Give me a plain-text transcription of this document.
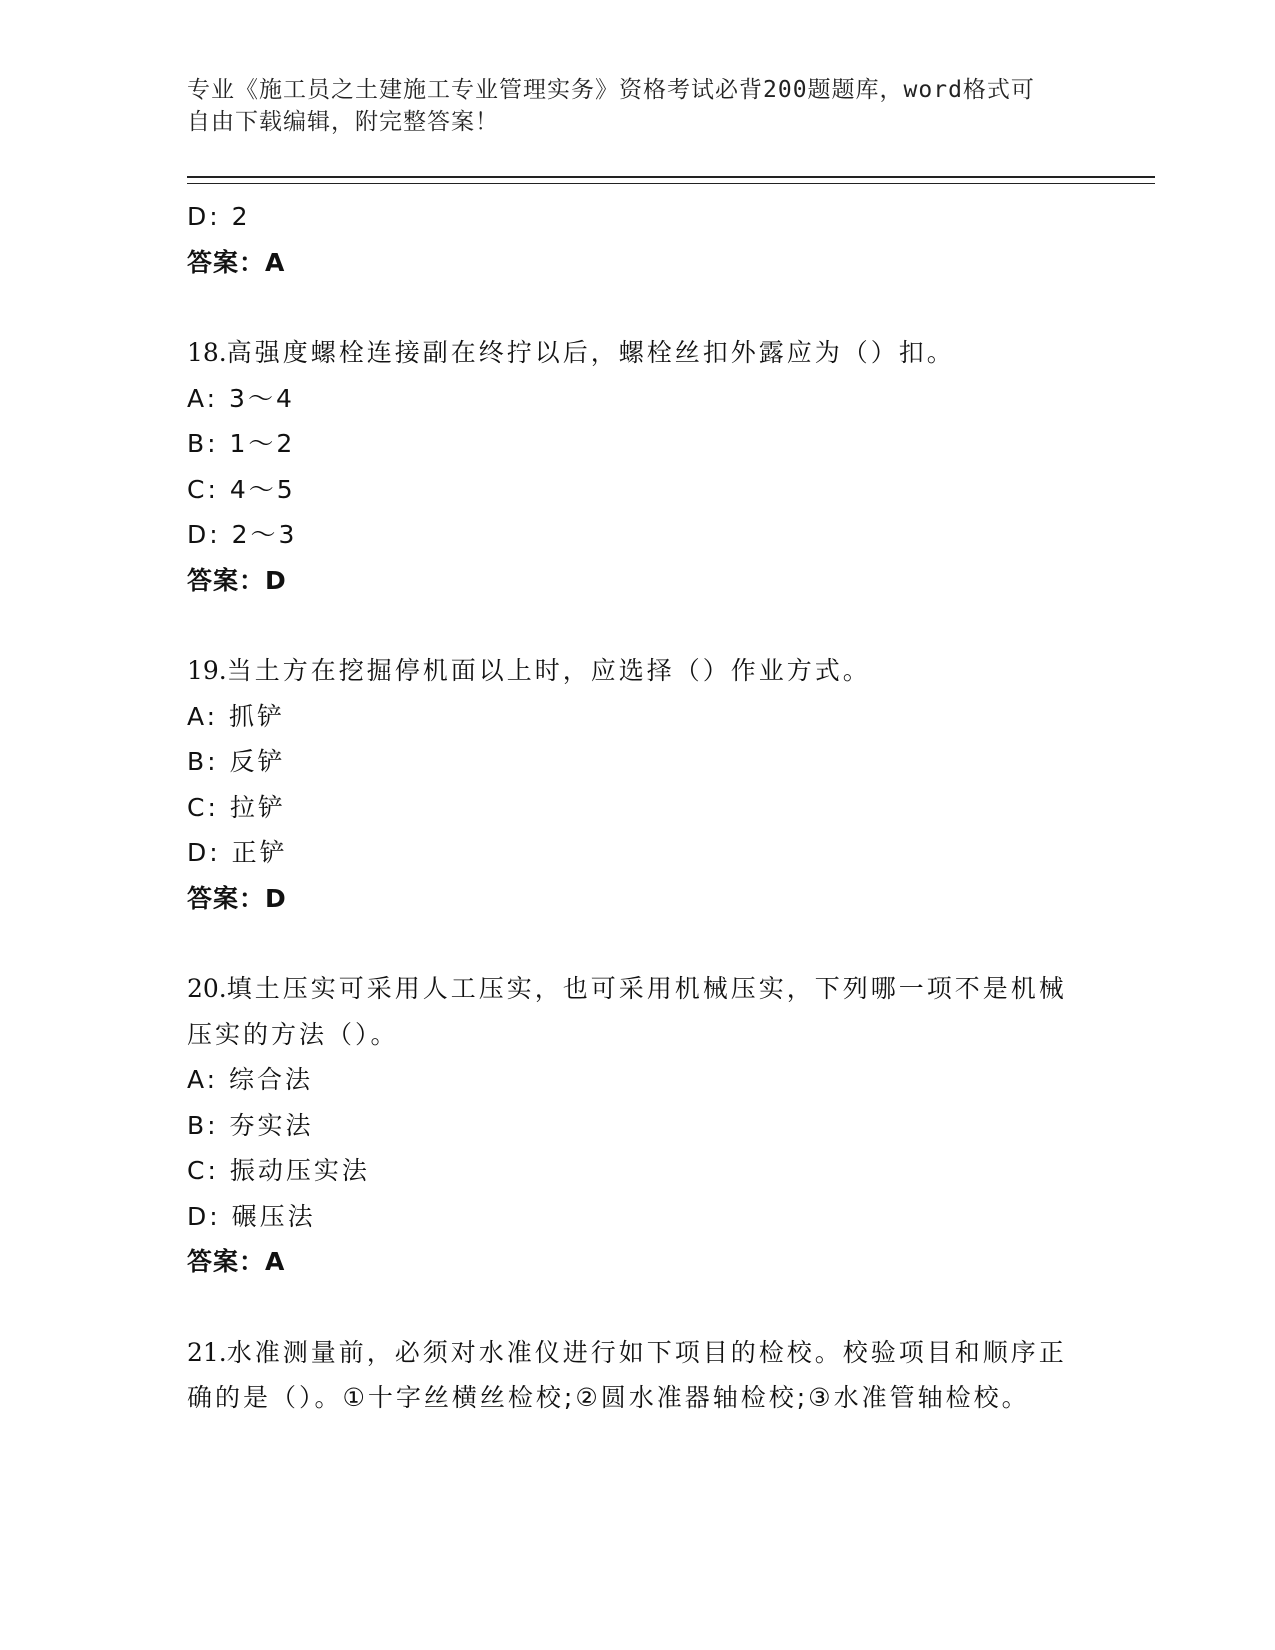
专业《施工员之土建施工专业管理实务》资格考试必背200题题库，word格式可
自由下载编辑，附完整答案！
D: 2
答案：A
18.高强度螺栓连接副在终拧以后，螺栓丝扣外露应为（）扣。
A: 3～4
B: 1～2
C: 4～5
D: 2～3
答案：D
19.当土方在挖掘停机面以上时，应选择（）作业方式。
A: 抓铲
B: 反铲
C: 拉铲
D: 正铲
答案：D
20.填土压实可采用人工压实，也可采用机械压实，下列哪一项不是机械压实的方法（）。
A: 综合法
B: 夯实法
C: 振动压实法
D: 碾压法
答案：A
21.水准测量前，必须对水准仪进行如下项目的检校。校验项目和顺序正确的是（）。①十字丝横丝检校;②圆水准器轴检校;③水准管轴检校。
